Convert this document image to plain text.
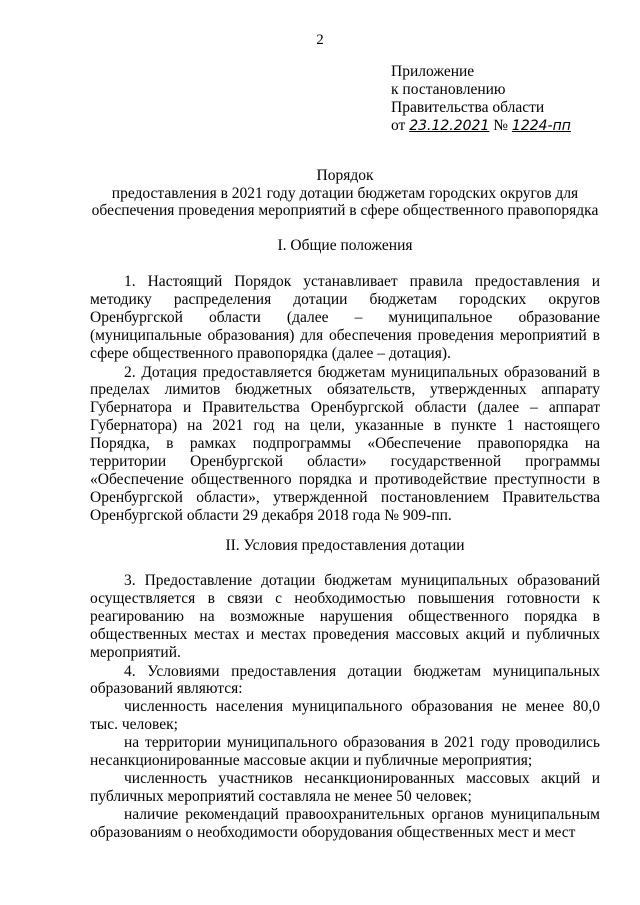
2
Приложение
к постановлению
Правительства области
от 23.12.2021 № 1224-пп
Порядок
предоставления в 2021 году дотации бюджетам городских округов для
обеспечения проведения мероприятий в сфере общественного правопорядка
I. Общие положения

1. Настоящий Порядок устанавливает правила предоставления и методику распределения дотации бюджетам городских округов Оренбургской области (далее – муниципальное образование (муниципальные образования) для обеспечения проведения мероприятий в сфере общественного правопорядка (далее – дотация).

2. Дотация предоставляется бюджетам муниципальных образований в пределах лимитов бюджетных обязательств, утвержденных аппарату Губернатора и Правительства Оренбургской области (далее – аппарат Губернатора) на 2021 год на цели, указанные в пункте 1 настоящего Порядка, в рамках подпрограммы «Обеспечение правопорядка на территории Оренбургской области» государственной программы «Обеспечение общественного порядка и противодействие преступности в Оренбургской области», утвержденной постановлением Правительства Оренбургской области 29 декабря 2018 года № 909-пп.

II. Условия предоставления дотации

3. Предоставление дотации бюджетам муниципальных образований осуществляется в связи с необходимостью повышения готовности к реагированию на возможные нарушения общественного порядка в общественных местах и местах проведения массовых акций и публичных мероприятий.

4. Условиями предоставления дотации бюджетам муниципальных образований являются:

численность населения муниципального образования не менее 80,0 тыс. человек;

на территории муниципального образования в 2021 году проводились несанкционированные массовые акции и публичные мероприятия;

численность участников несанкционированных массовых акций и публичных мероприятий составляла не менее 50 человек;

наличие рекомендаций правоохранительных органов муниципальным образованиям о необходимости оборудования общественных мест и мест
